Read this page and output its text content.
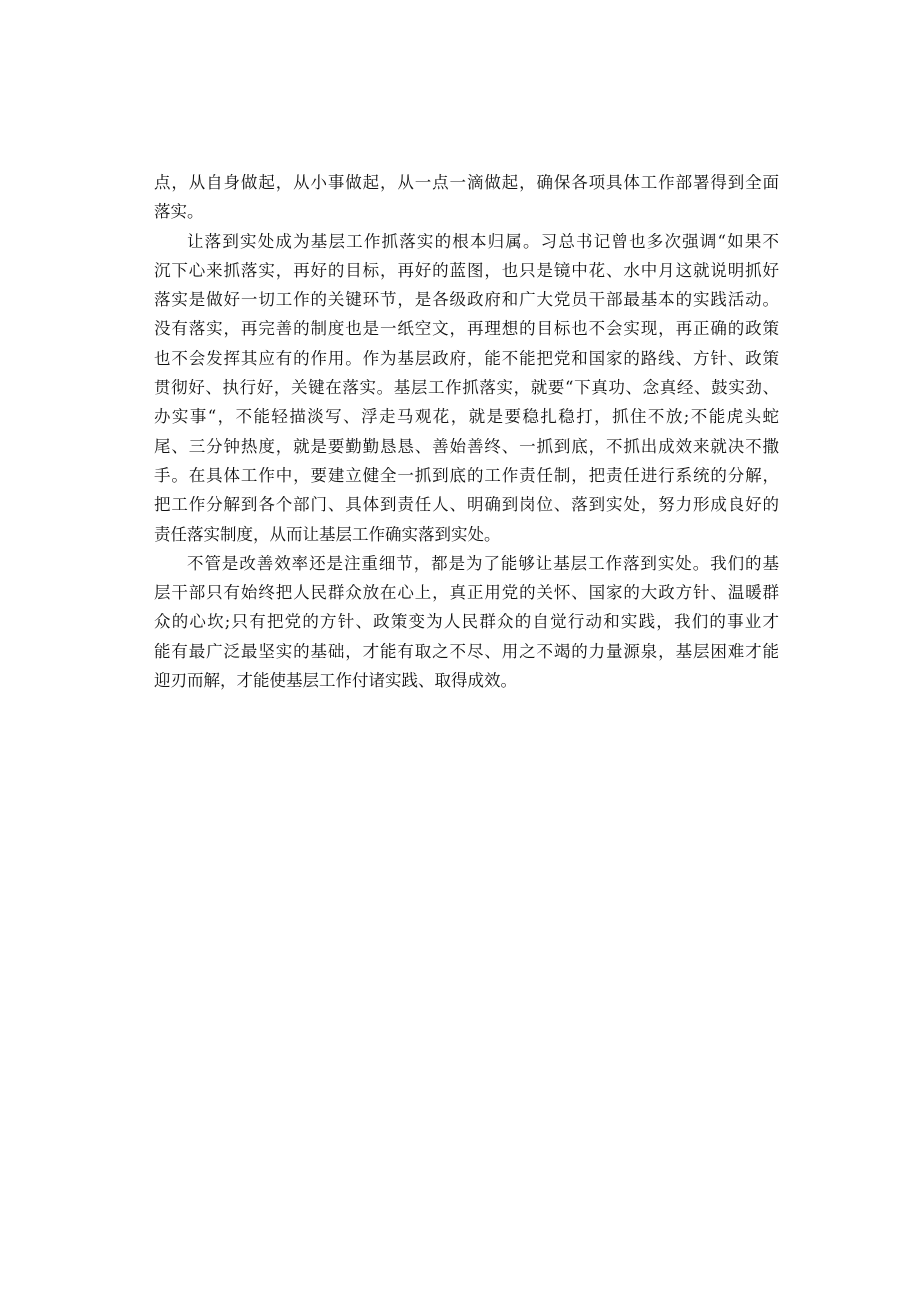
点，从自身做起，从小事做起，从一点一滴做起，确保各项具体工作部署得到全面
落实。

让落到实处成为基层工作抓落实的根本归属。习总书记曾也多次强调“如果不
沉下心来抓落实，再好的目标，再好的蓝图，也只是镜中花、水中月这就说明抓好
落实是做好一切工作的关键环节，是各级政府和广大党员干部最基本的实践活动。
没有落实，再完善的制度也是一纸空文，再理想的目标也不会实现，再正确的政策
也不会发挥其应有的作用。作为基层政府，能不能把党和国家的路线、方针、政策
贯彻好、执行好，关键在落实。基层工作抓落实，就要“下真功、念真经、鼓实劲、
办实事“，不能轻描淡写、浮走马观花，就是要稳扎稳打，抓住不放;不能虎头蛇
尾、三分钟热度，就是要勤勤恳恳、善始善终、一抓到底，不抓出成效来就决不撒
手。在具体工作中，要建立健全一抓到底的工作责任制，把责任进行系统的分解，
把工作分解到各个部门、具体到责任人、明确到岗位、落到实处，努力形成良好的
责任落实制度，从而让基层工作确实落到实处。

不管是改善效率还是注重细节，都是为了能够让基层工作落到实处。我们的基
层干部只有始终把人民群众放在心上，真正用党的关怀、国家的大政方针、温暖群
众的心坎;只有把党的方针、政策变为人民群众的自觉行动和实践，我们的事业才
能有最广泛最坚实的基础，才能有取之不尽、用之不竭的力量源泉，基层困难才能
迎刃而解，才能使基层工作付诸实践、取得成效。
